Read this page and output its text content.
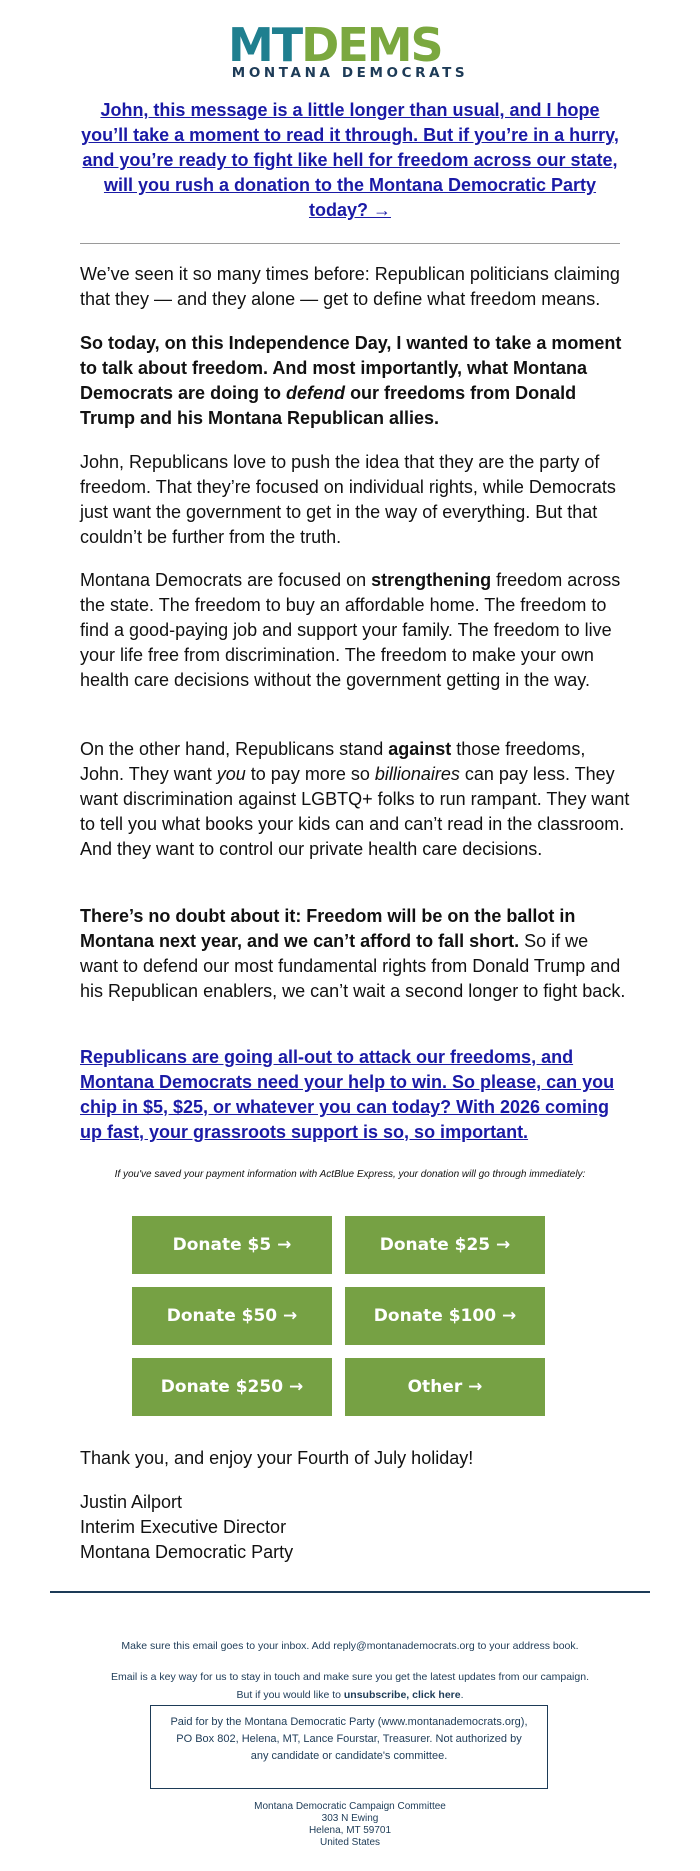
MTDEMS
MONTANA DEMOCRATS
John, this message is a little longer than usual, and I hope you’ll take a moment to read it through. But if you’re in a hurry, and you’re ready to fight like hell for freedom across our state, will you rush a donation to the Montana Democratic Party today? →

We’ve seen it so many times before: Republican politicians claiming that they — and they alone — get to define what freedom means.

So today, on this Independence Day, I wanted to take a moment to talk about freedom. And most importantly, what Montana Democrats are doing to defend our freedoms from Donald Trump and his Montana Republican allies.

John, Republicans love to push the idea that they are the party of freedom. That they’re focused on individual rights, while Democrats just want the government to get in the way of everything. But that couldn’t be further from the truth.

Montana Democrats are focused on strengthening freedom across the state. The freedom to buy an affordable home. The freedom to find a good-paying job and support your family. The freedom to live your life free from discrimination. The freedom to make your own health care decisions without the government getting in the way.

On the other hand, Republicans stand against those freedoms, John. They want you to pay more so billionaires can pay less. They want discrimination against LGBTQ+ folks to run rampant. They want to tell you what books your kids can and can’t read in the classroom. And they want to control our private health care decisions.

There’s no doubt about it: Freedom will be on the ballot in Montana next year, and we can’t afford to fall short. So if we want to defend our most fundamental rights from Donald Trump and his Republican enablers, we can’t wait a second longer to fight back.

Republicans are going all-out to attack our freedoms, and Montana Democrats need your help to win. So please, can you chip in $5, $25, or whatever you can today? With 2026 coming up fast, your grassroots support is so, so important.
If you've saved your payment information with ActBlue Express, your donation will go through immediately:
Donate $5 →	Donate $25 →
Donate $50 →	Donate $100 →
Donate $250 →	Other →
Thank you, and enjoy your Fourth of July holiday!
Justin Ailport
Interim Executive Director
Montana Democratic Party
Make sure this email goes to your inbox. Add reply@montanademocrats.org to your address book.
Email is a key way for us to stay in touch and make sure you get the latest updates from our campaign.
But if you would like to unsubscribe, click here.
Paid for by the Montana Democratic Party (www.montanademocrats.org), PO Box 802, Helena, MT, Lance Fourstar, Treasurer. Not authorized by any candidate or candidate's committee.
Montana Democratic Campaign Committee
303 N Ewing
Helena, MT 59701
United States
